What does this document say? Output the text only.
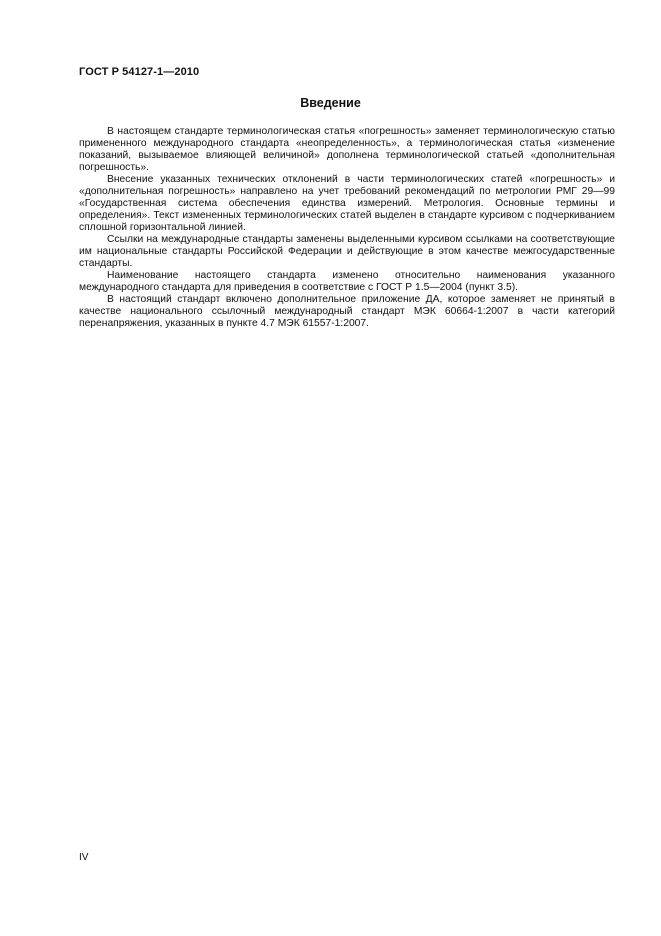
ГОСТ Р 54127-1—2010
Введение

В настоящем стандарте терминологическая статья «погрешность» заменяет терминологическую статью примененного международного стандарта «неопределенность», а терминологическая статья «изменение показаний, вызываемое влияющей величиной» дополнена терминологической статьей «дополнительная погрешность».

Внесение указанных технических отклонений в части терминологических статей «погрешность» и «дополнительная погрешность» направлено на учет требований рекомендаций по метрологии РМГ 29—99 «Государственная система обеспечения единства измерений. Метрология. Основные термины и определения». Текст измененных терминологических статей выделен в стандарте курсивом с подчеркиванием сплошной горизонтальной линией.

Ссылки на международные стандарты заменены выделенными курсивом ссылками на соответствующие им национальные стандарты Российской Федерации и действующие в этом качестве межгосударственные стандарты.

Наименование настоящего стандарта изменено относительно наименования указанного международного стандарта для приведения в соответствие с ГОСТ Р 1.5—2004 (пункт 3.5).

В настоящий стандарт включено дополнительное приложение ДА, которое заменяет не принятый в качестве национального ссылочный международный стандарт МЭК 60664-1:2007 в части категорий перенапряжения, указанных в пункте 4.7 МЭК 61557-1:2007.

IV
